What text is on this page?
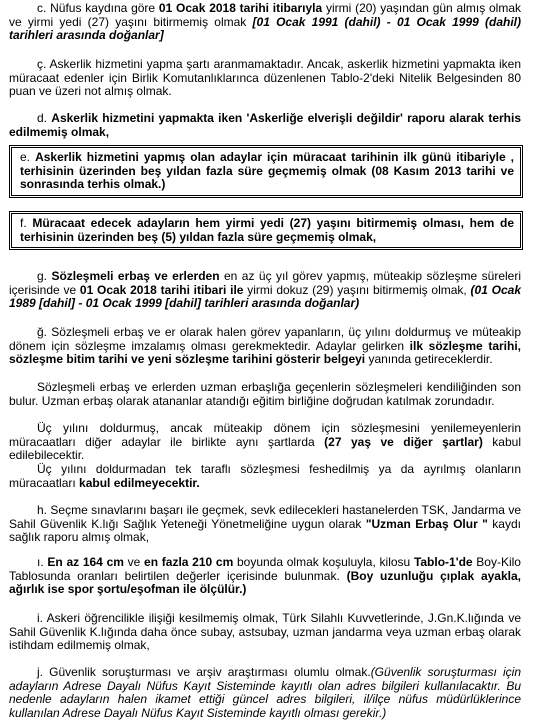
c. Nüfus kaydına göre 01 Ocak 2018 tarihi itibarıyla yirmi (20) yaşından gün almış olmak ve yirmi yedi (27) yaşını bitirmemiş olmak [01 Ocak 1991 (dahil) - 01 Ocak 1999 (dahil) tarihleri arasında doğanlar]

ç. Askerlik hizmetini yapma şartı aranmamaktadır. Ancak, askerlik hizmetini yapmakta iken müracaat edenler için Birlik Komutanlıklarınca düzenlenen Tablo-2'deki Nitelik Belgesinden 80 puan ve üzeri not almış olmak.

d. Askerlik hizmetini yapmakta iken 'Askerliğe elverişli değildir' raporu alarak terhis edilmemiş olmak,

e. Askerlik hizmetini yapmış olan adaylar için müracaat tarihinin ilk günü itibariyle , terhisinin üzerinden beş yıldan fazla süre geçmemiş olmak (08 Kasım 2013 tarihi ve sonrasında terhis olmak.)
f. Müracaat edecek adayların hem yirmi yedi (27) yaşını bitirmemiş olması, hem de terhisinin üzerinden beş (5) yıldan fazla süre geçmemiş olmak,

g. Sözleşmeli erbaş ve erlerden en az üç yıl görev yapmış, müteakip sözleşme süreleri içerisinde ve 01 Ocak 2018 tarihi itibari ile yirmi dokuz (29) yaşını bitirmemiş olmak, (01 Ocak 1989 [dahil] - 01 Ocak 1999 [dahil] tarihleri arasında doğanlar)

ğ. Sözleşmeli erbaş ve er olarak halen görev yapanların, üç yılını doldurmuş ve müteakip dönem için sözleşme imzalamış olması gerekmektedir. Adaylar gelirken ilk sözleşme tarihi, sözleşme bitim tarihi ve yeni sözleşme tarihini gösterir belgeyi yanında getireceklerdir.

Sözleşmeli erbaş ve erlerden uzman erbaşlığa geçenlerin sözleşmeleri kendiliğinden son bulur. Uzman erbaş olarak atananlar atandığı eğitim birliğine doğrudan katılmak zorundadır.

Üç yılını doldurmuş, ancak müteakip dönem için sözleşmesini yenilemeyenlerin müracaatları diğer adaylar ile birlikte aynı şartlarda (27 yaş ve diğer şartlar) kabul edilebilecektir.

Üç yılını doldurmadan tek taraflı sözleşmesi feshedilmiş ya da ayrılmış olanların müracaatları kabul edilmeyecektir.

h. Seçme sınavlarını başarı ile geçmek, sevk edilecekleri hastanelerden TSK, Jandarma ve Sahil Güvenlik K.lığı Sağlık Yeteneği Yönetmeliğine uygun olarak "Uzman Erbaş Olur " kaydı sağlık raporu almış olmak,

ı. En az 164 cm ve en fazla 210 cm boyunda olmak koşuluyla, kilosu Tablo-1'de Boy-Kilo Tablosunda oranları belirtilen değerler içerisinde bulunmak. (Boy uzunluğu çıplak ayakla, ağırlık ise spor şortu/eşofman ile ölçülür.)

i. Askeri öğrencilikle ilişiği kesilmemiş olmak, Türk Silahlı Kuvvetlerinde, J.Gn.K.lığında ve Sahil Güvenlik K.lığında daha önce subay, astsubay, uzman jandarma veya uzman erbaş olarak istihdam edilmemiş olmak,

j. Güvenlik soruşturması ve arşiv araştırması olumlu olmak.(Güvenlik soruşturması için adayların Adrese Dayalı Nüfus Kayıt Sisteminde kayıtlı olan adres bilgileri kullanılacaktır. Bu nedenle adayların halen ikamet ettiği güncel adres bilgileri, il/ilçe nüfus müdürlüklerince kullanılan Adrese Dayalı Nüfus Kayıt Sisteminde kayıtlı olması gerekir.)
